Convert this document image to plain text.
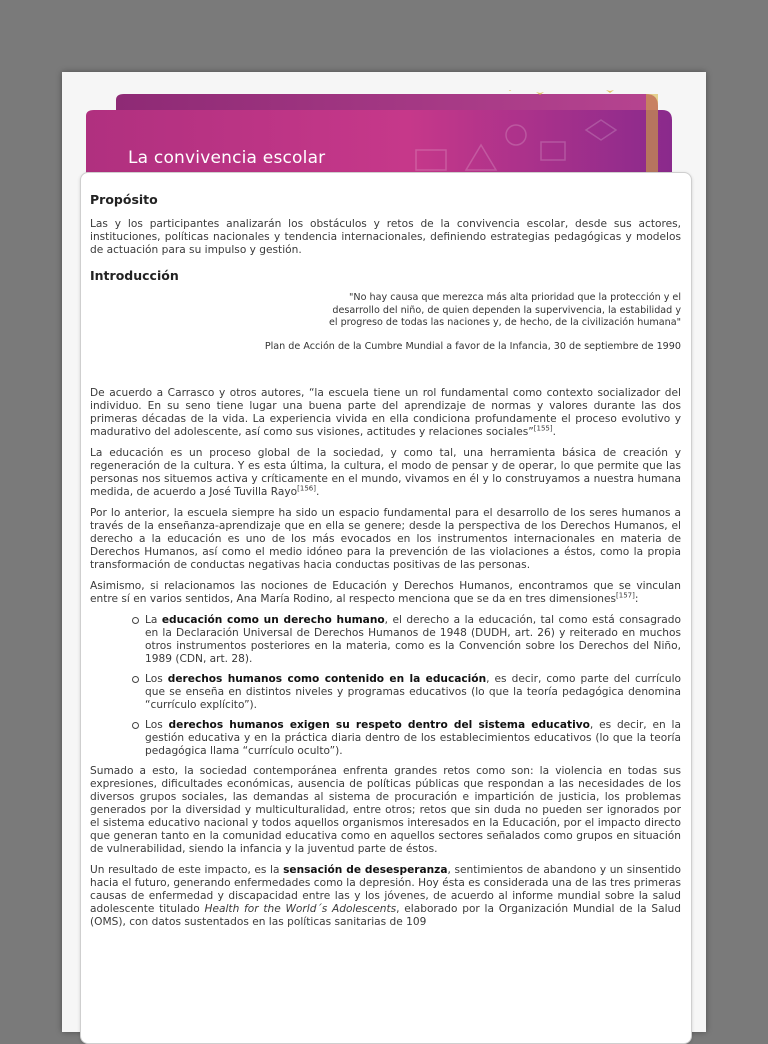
La convivencia escolar
Propósito

Las y los participantes analizarán los obstáculos y retos de la convivencia escolar, desde sus actores, instituciones, políticas nacionales y tendencia internacionales, definiendo estrategias pedagógicas y modelos de actuación para su impulso y gestión.

Introducción
"No hay causa que merezca más alta prioridad que la protección y el desarrollo del niño, de quien dependen la supervivencia, la estabilidad y el progreso de todas las naciones y, de hecho, de la civilización humana"
Plan de Acción de la Cumbre Mundial a favor de la Infancia, 30 de septiembre de 1990

De acuerdo a Carrasco y otros autores, “la escuela tiene un rol fundamental como contexto socializador del individuo. En su seno tiene lugar una buena parte del aprendizaje de normas y valores durante las dos primeras décadas de la vida. La experiencia vivida en ella condiciona profundamente el proceso evolutivo y madurativo del adolescente, así como sus visiones, actitudes y relaciones sociales”[155].

La educación es un proceso global de la sociedad, y como tal, una herramienta básica de creación y regeneración de la cultura. Y es esta última, la cultura, el modo de pensar y de operar, lo que permite que las personas nos situemos activa y críticamente en el mundo, vivamos en él y lo construyamos a nuestra humana medida, de acuerdo a José Tuvilla Rayo[156].

Por lo anterior, la escuela siempre ha sido un espacio fundamental para el desarrollo de los seres humanos a través de la enseñanza-aprendizaje que en ella se genere; desde la perspectiva de los Derechos Humanos, el derecho a la educación es uno de los más evocados en los instrumentos internacionales en materia de Derechos Humanos, así como el medio idóneo para la prevención de las violaciones a éstos, como la propia transformación de conductas negativas hacia conductas positivas de las personas.

Asimismo, si relacionamos las nociones de Educación y Derechos Humanos, encontramos que se vinculan entre sí en varios sentidos, Ana María Rodino, al respecto menciona que se da en tres dimensiones[157]:

La educación como un derecho humano, el derecho a la educación, tal como está consagrado en la Declaración Universal de Derechos Humanos de 1948 (DUDH, art. 26) y reiterado en muchos otros instrumentos posteriores en la materia, como es la Convención sobre los Derechos del Niño, 1989 (CDN, art. 28).
Los derechos humanos como contenido en la educación, es decir, como parte del currículo que se enseña en distintos niveles y programas educativos (lo que la teoría pedagógica denomina “currículo explícito”).
Los derechos humanos exigen su respeto dentro del sistema educativo, es decir, en la gestión educativa y en la práctica diaria dentro de los establecimientos educativos (lo que la teoría pedagógica llama “currículo oculto”).

Sumado a esto, la sociedad contemporánea enfrenta grandes retos como son: la violencia en todas sus expresiones, dificultades económicas, ausencia de políticas públicas que respondan a las necesidades de los diversos grupos sociales, las demandas al sistema de procuración e impartición de justicia, los problemas generados por la diversidad y multiculturalidad, entre otros; retos que sin duda no pueden ser ignorados por el sistema educativo nacional y todos aquellos organismos interesados en la Educación, por el impacto directo que generan tanto en la comunidad educativa como en aquellos sectores señalados como grupos en situación de vulnerabilidad, siendo la infancia y la juventud parte de éstos.

Un resultado de este impacto, es la sensación de desesperanza, sentimientos de abandono y un sinsentido hacia el futuro, generando enfermedades como la depresión. Hoy ésta es considerada una de las tres primeras causas de enfermedad y discapacidad entre las y los jóvenes, de acuerdo al informe mundial sobre la salud adolescente titulado Health for the World´s Adolescents, elaborado por la Organización Mundial de la Salud (OMS), con datos sustentados en las políticas sanitarias de 109
